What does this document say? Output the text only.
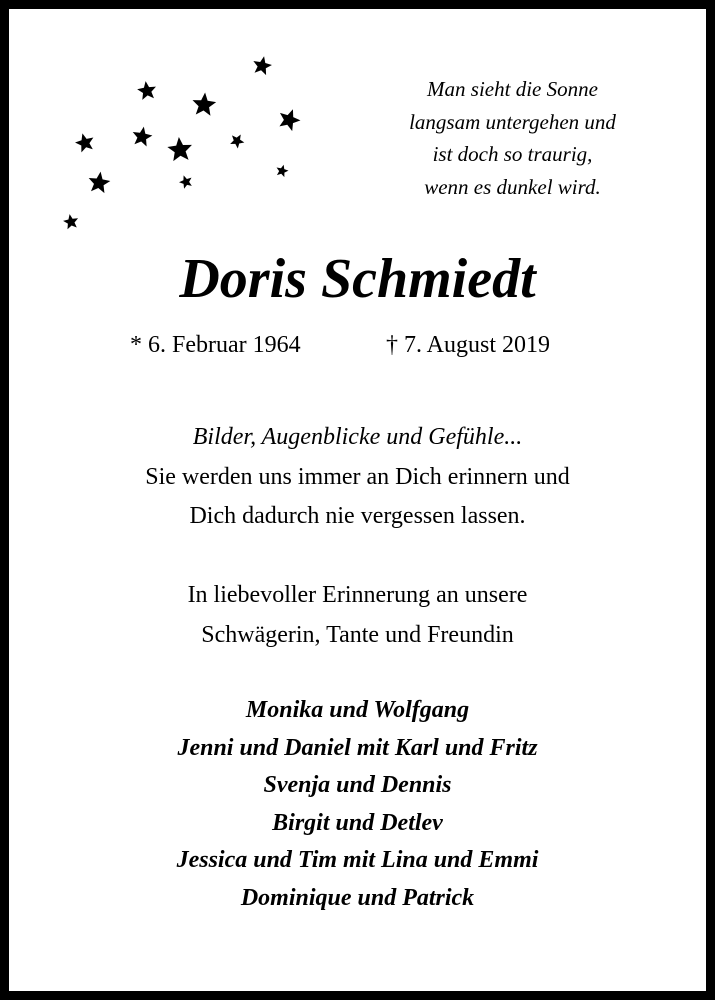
Man sieht die Sonne
langsam untergehen und
ist doch so traurig,
wenn es dunkel wird.
Doris Schmiedt
* 6. Februar 1964	† 7. August 2019
Bilder, Augenblicke und Gefühle...
Sie werden uns immer an Dich erinnern und
Dich dadurch nie vergessen lassen.
In liebevoller Erinnerung an unsere
Schwägerin, Tante und Freundin
Monika und Wolfgang
Jenni und Daniel mit Karl und Fritz
Svenja und Dennis
Birgit und Detlev
Jessica und Tim mit Lina und Emmi
Dominique und Patrick
